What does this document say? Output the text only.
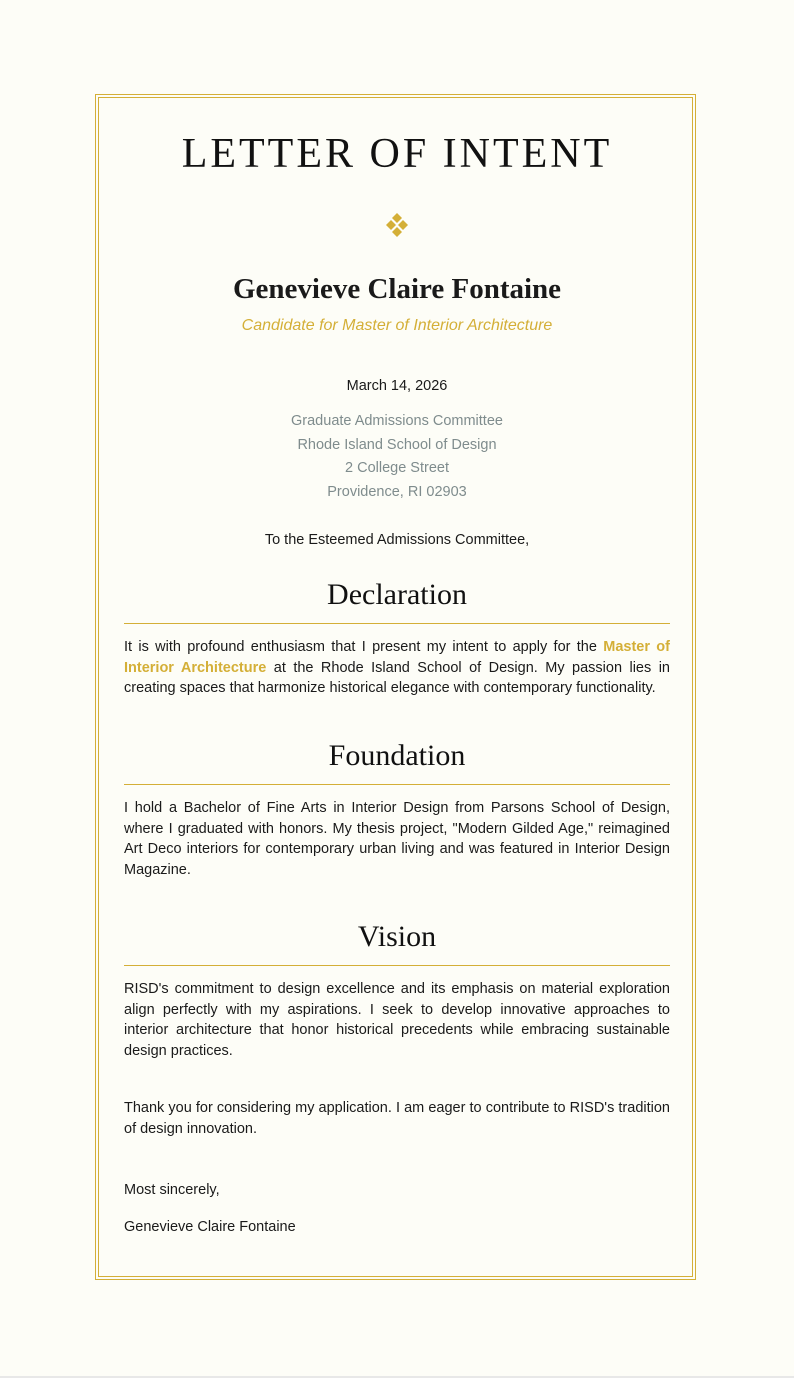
LETTER OF INTENT
Genevieve Claire Fontaine
Candidate for Master of Interior Architecture
March 14, 2026
Graduate Admissions Committee
Rhode Island School of Design
2 College Street
Providence, RI 02903
To the Esteemed Admissions Committee,
Declaration

It is with profound enthusiasm that I present my intent to apply for the Master of Interior Architecture at the Rhode Island School of Design. My passion lies in creating spaces that harmonize historical elegance with contemporary functionality.

Foundation

I hold a Bachelor of Fine Arts in Interior Design from Parsons School of Design, where I graduated with honors. My thesis project, "Modern Gilded Age," reimagined Art Deco interiors for contemporary urban living and was featured in Interior Design Magazine.

Vision

RISD's commitment to design excellence and its emphasis on material exploration align perfectly with my aspirations. I seek to develop innovative approaches to interior architecture that honor historical precedents while embracing sustainable design practices.

Thank you for considering my application. I am eager to contribute to RISD's tradition of design innovation.

Most sincerely,
Genevieve Claire Fontaine
